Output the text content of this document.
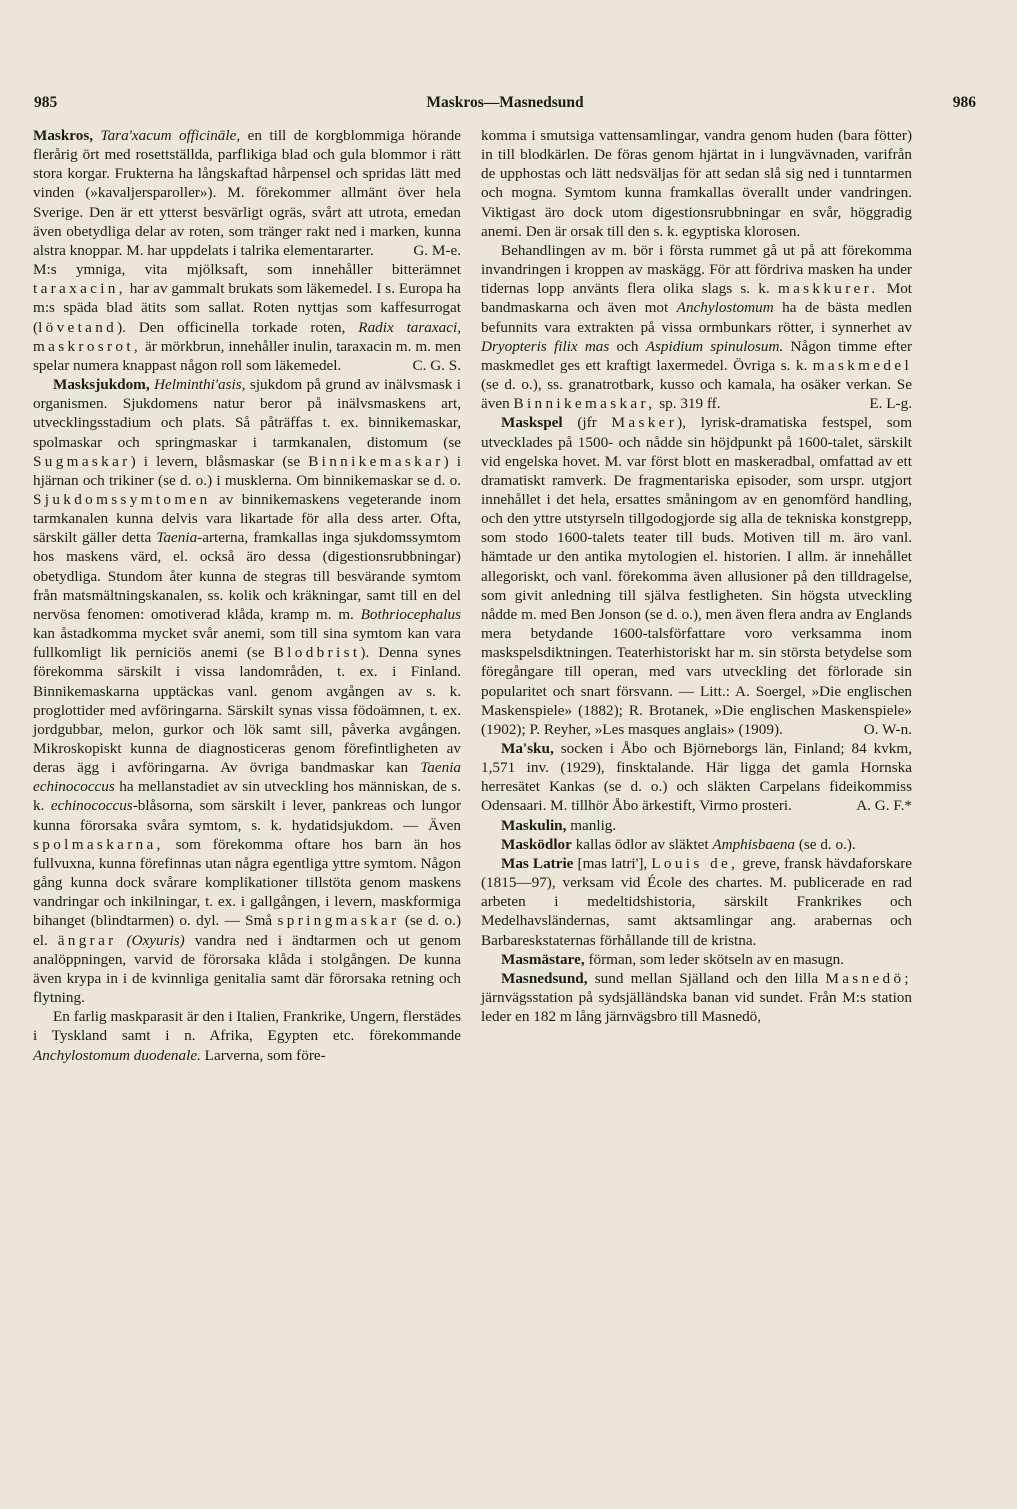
985	Maskros—Masnedsund	986

Maskros, Tara'xacum officināle, en till de korgblommiga hörande flerårig ört med rosettställda, parflikiga blad och gula blommor i rätt stora korgar. Frukterna ha långskaftad hårpensel och spridas lätt med vinden (»kavaljersparoller»). M. förekommer allmänt över hela Sverige. Den är ett ytterst besvärligt ogräs, svårt att utrota, emedan även obetydliga delar av roten, som tränger rakt ned i marken, kunna alstra knoppar. M. har uppdelats i talrika elementararter.	G. M-e.

M:s ymniga, vita mjölksaft, som innehåller bitterämnet taraxacin, har av gammalt brukats som läkemedel. I s. Europa ha m:s späda blad ätits som sallat. Roten nyttjas som kaffesurrogat (lövetand). Den officinella torkade roten, Radix taraxaci, maskrosrot, är mörkbrun, innehåller inulin, taraxacin m. m. men spelar numera knappast någon roll som läkemedel.	C. G. S.

Masksjukdom, Helminthi'asis, sjukdom på grund av inälvsmask i organismen. Sjukdomens natur beror på inälvsmaskens art, utvecklingsstadium och plats. Så påträffas t. ex. binnikemaskar, spolmaskar och springmaskar i tarmkanalen, distomum (se Sugmaskar) i levern, blåsmaskar (se Binnikemaskar) i hjärnan och trikiner (se d. o.) i musklerna. Om binnikemaskar se d. o. Sjukdomssymtomen av binnikemaskens vegeterande inom tarmkanalen kunna delvis vara likartade för alla dess arter. Ofta, särskilt gäller detta Taenia-arterna, framkallas inga sjukdomssymtom hos maskens värd, el. också äro dessa (digestionsrubbningar) obetydliga. Stundom åter kunna de stegras till besvärande symtom från matsmältningskanalen, ss. kolik och kräkningar, samt till en del nervösa fenomen: omotiverad klåda, kramp m. m. Bothriocephalus kan åstadkomma mycket svår anemi, som till sina symtom kan vara fullkomligt lik perniciös anemi (se Blodbrist). Denna synes förekomma särskilt i vissa landområden, t. ex. i Finland. Binnikemaskarna upptäckas vanl. genom avgången av s. k. proglottider med avföringarna. Särskilt synas vissa födoämnen, t. ex. jordgubbar, melon, gurkor och lök samt sill, påverka avgången. Mikroskopiskt kunna de diagnosticeras genom förefintligheten av deras ägg i avföringarna. Av övriga bandmaskar kan Taenia echinococcus ha mellanstadiet av sin utveckling hos människan, de s. k. echinococcus-blåsorna, som särskilt i lever, pankreas och lungor kunna förorsaka svåra symtom, s. k. hydatidsjukdom. — Även spolmaskarna, som förekomma oftare hos barn än hos fullvuxna, kunna förefinnas utan några egentliga yttre symtom. Någon gång kunna dock svårare komplikationer tillstöta genom maskens vandringar och inkilningar, t. ex. i gallgången, i levern, maskformiga bihanget (blindtarmen) o. dyl. — Små springmaskar (se d. o.) el. ängrar (Oxyuris) vandra ned i ändtarmen och ut genom analöppningen, varvid de förorsaka klåda i stolgången. De kunna även krypa in i de kvinnliga genitalia samt där förorsaka retning och flytning.

En farlig maskparasit är den i Italien, Frankrike, Ungern, flerstädes i Tyskland samt i n. Afrika, Egypten etc. förekommande Anchylostomum duodenale. Larverna, som före-

komma i smutsiga vattensamlingar, vandra genom huden (bara fötter) in till blodkärlen. De föras genom hjärtat in i lungvävnaden, varifrån de upphostas och lätt nedsväljas för att sedan slå sig ned i tunntarmen och mogna. Symtom kunna framkallas överallt under vandringen. Viktigast äro dock utom digestionsrubbningar en svår, höggradig anemi. Den är orsak till den s. k. egyptiska klorosen.

Behandlingen av m. bör i första rummet gå ut på att förekomma invandringen i kroppen av maskägg. För att fördriva masken ha under tidernas lopp använts flera olika slags s. k. maskkurer. Mot bandmaskarna och även mot Anchylostomum ha de bästa medlen befunnits vara extrakten på vissa ormbunkars rötter, i synnerhet av Dryopteris filix mas och Aspidium spinulosum. Någon timme efter maskmedlet ges ett kraftigt laxermedel. Övriga s. k. maskmedel (se d. o.), ss. granatrotbark, kusso och kamala, ha osäker verkan. Se även Binnikemaskar, sp. 319 ff.	E. L-g.

Maskspel (jfr Masker), lyrisk-dramatiska festspel, som utvecklades på 1500- och nådde sin höjdpunkt på 1600-talet, särskilt vid engelska hovet. M. var först blott en maskeradbal, omfattad av ett dramatiskt ramverk. De fragmentariska episoder, som urspr. utgjort innehållet i det hela, ersattes småningom av en genomförd handling, och den yttre utstyrseln tillgodogjorde sig alla de tekniska konstgrepp, som stodo 1600-talets teater till buds. Motiven till m. äro vanl. hämtade ur den antika mytologien el. historien. I allm. är innehållet allegoriskt, och vanl. förekomma även allusioner på den tilldragelse, som givit anledning till själva festligheten. Sin högsta utveckling nådde m. med Ben Jonson (se d. o.), men även flera andra av Englands mera betydande 1600-talsförfattare voro verksamma inom maskspelsdiktningen. Teaterhistoriskt har m. sin största betydelse som föregångare till operan, med vars utveckling det förlorade sin popularitet och snart försvann. — Litt.: A. Soergel, »Die englischen Maskenspiele» (1882); R. Brotanek, »Die englischen Maskenspiele» (1902); P. Reyher, »Les masques anglais» (1909).	O. W-n.

Ma'sku, socken i Åbo och Björneborgs län, Finland; 84 kvkm, 1,571 inv. (1929), finsktalande. Här ligga det gamla Hornska herresätet Kankas (se d. o.) och släkten Carpelans fideikommiss Odensaari. M. tillhör Åbo ärkestift, Virmo prosteri.	A. G. F.*

Maskulin, manlig.

Masködlor kallas ödlor av släktet Amphisbaena (se d. o.).

Mas Latrie [mas latri'], Louis de, greve, fransk hävdaforskare (1815—97), verksam vid École des chartes. M. publicerade en rad arbeten i medeltidshistoria, särskilt Frankrikes och Medelhavsländernas, samt aktsamlingar ang. arabernas och Barbareskstaternas förhållande till de kristna.

Masmästare, förman, som leder skötseln av en masugn.

Masnedsund, sund mellan Själland och den lilla Masnedö; järnvägsstation på sydsjälländska banan vid sundet. Från M:s station leder en 182 m lång järnvägsbro till Masnedö,
